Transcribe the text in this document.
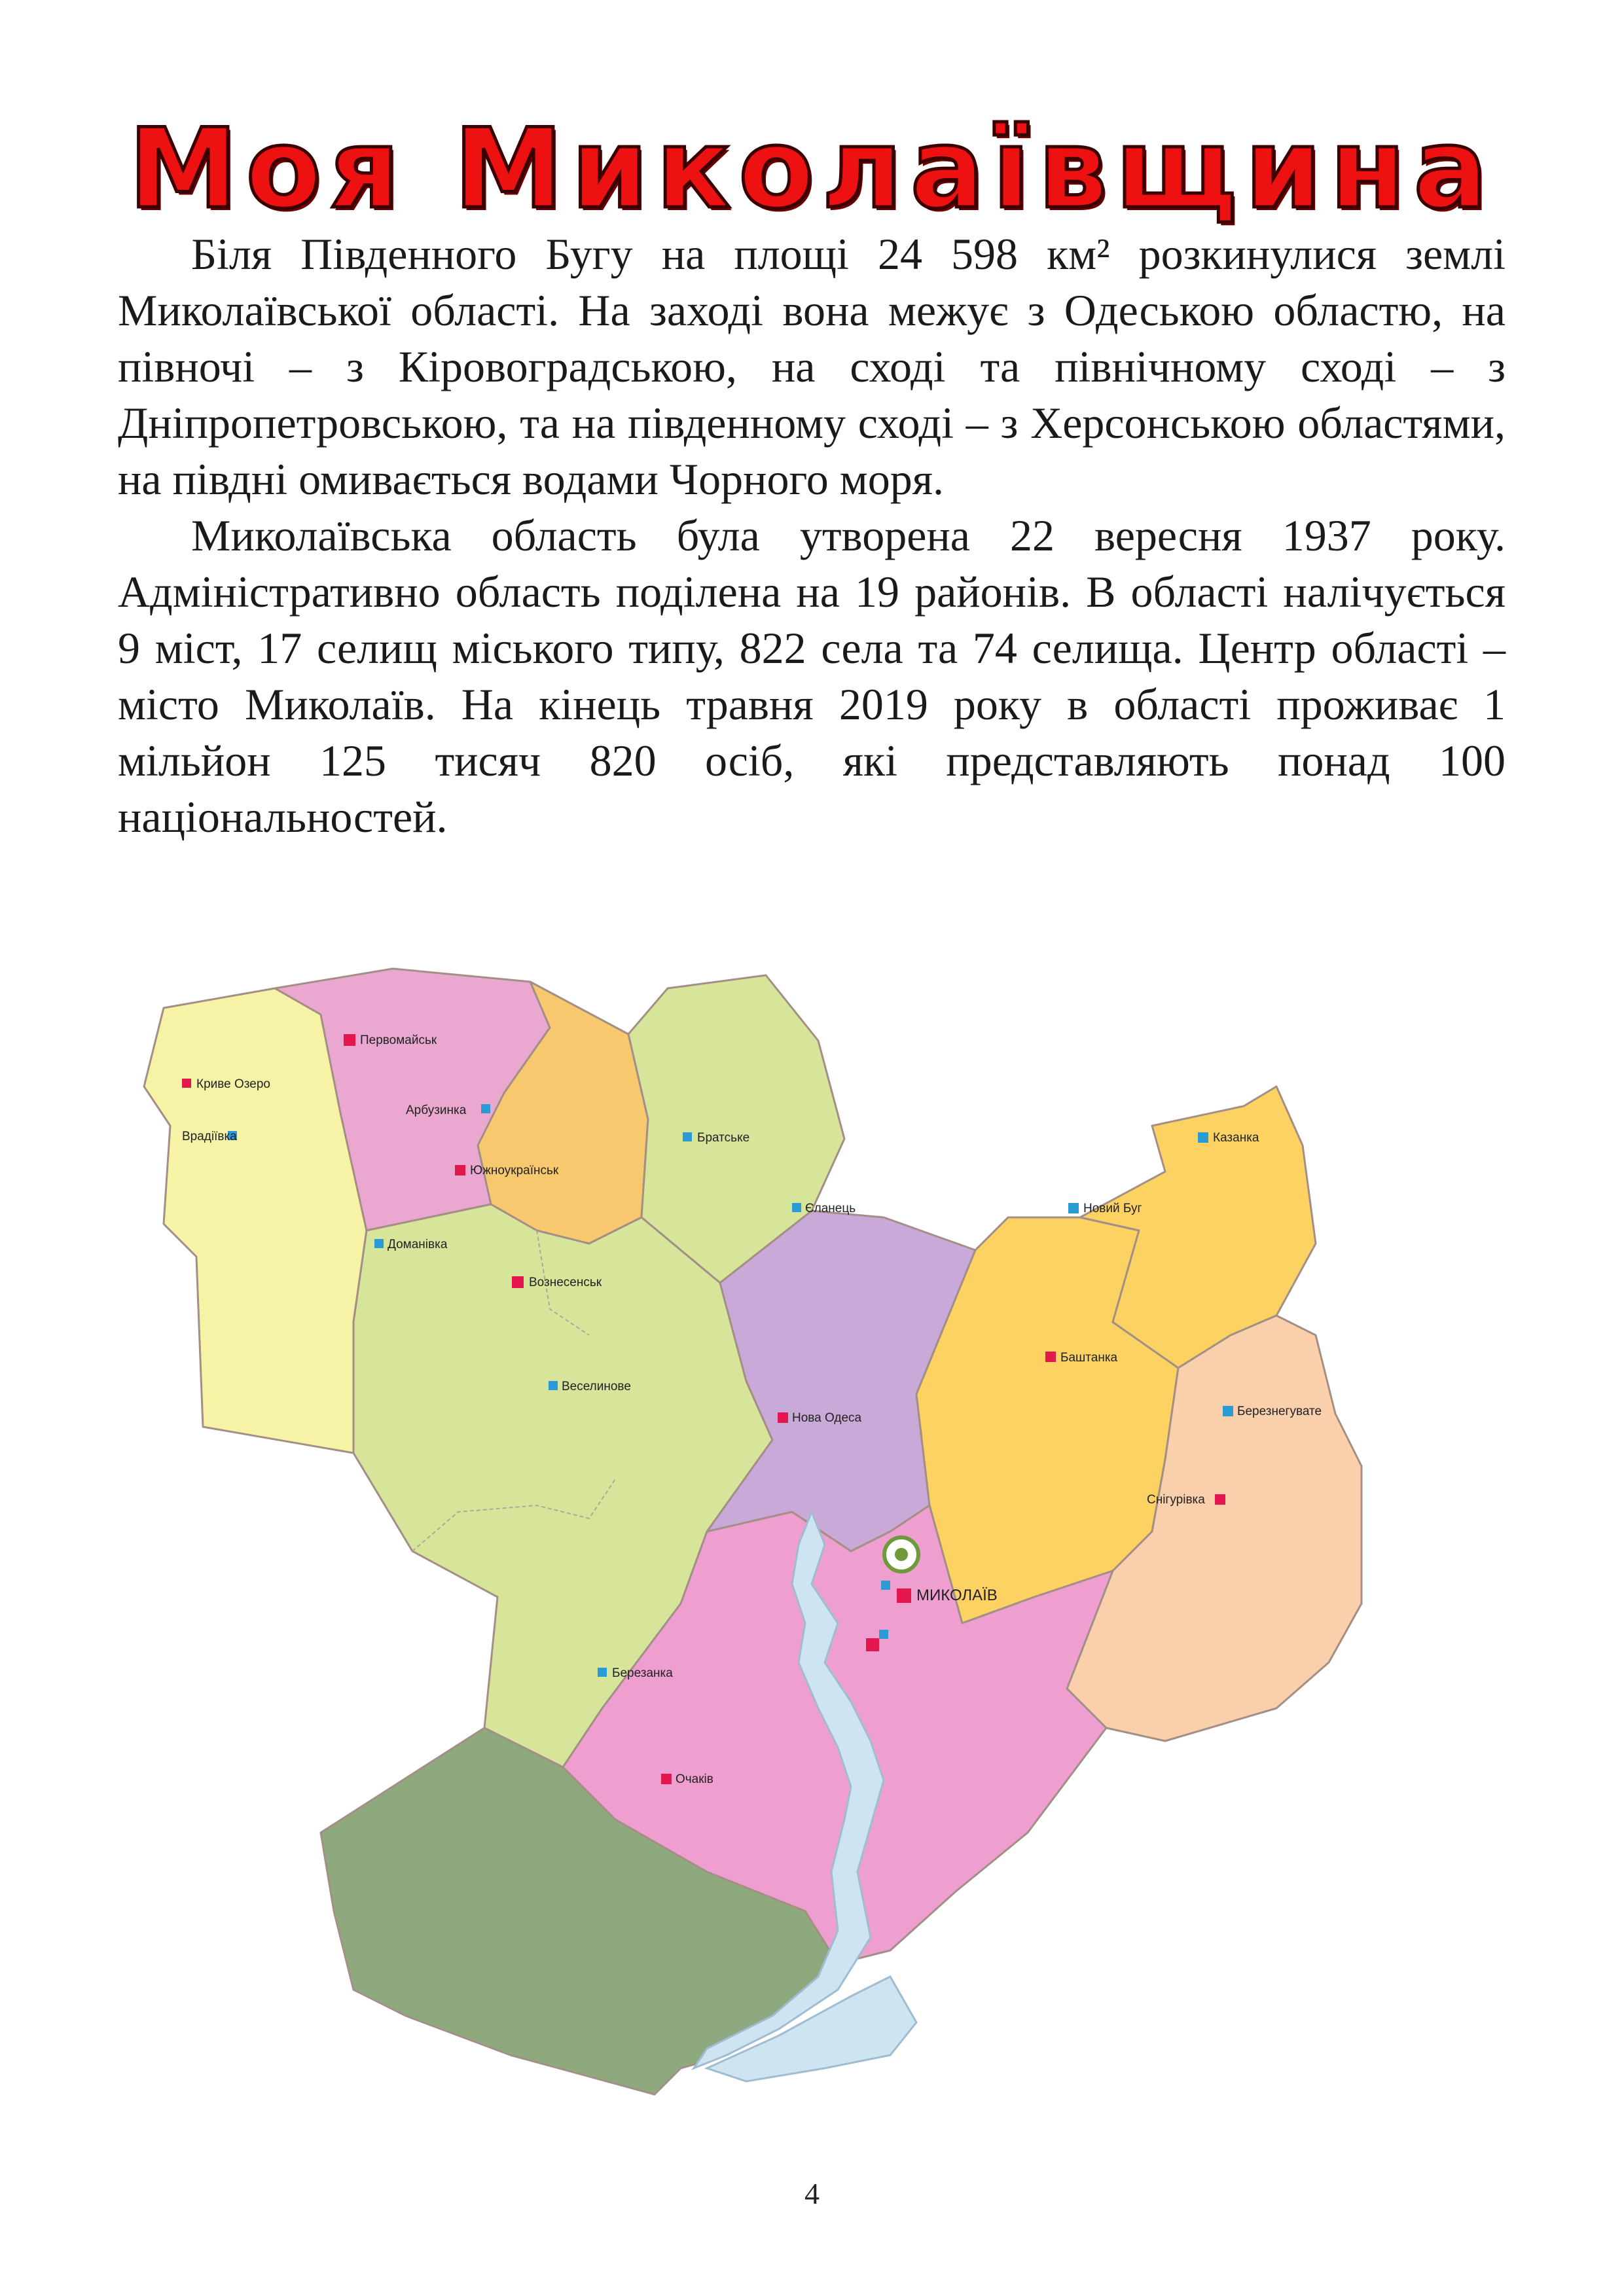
Моя Миколаївщина

Біля Південного Бугу на площі 24 598 км² розкинулися землі Миколаївської області. На заході вона межує з Одеською областю, на півночі – з Кіровоградською, на сході та північному сході – з Дніпропетровською, та на південному сході – з Херсонською областями, на півдні омивається водами Чорного моря.

Миколаївська область була утворена 22 вересня 1937 року. Адміністративно область поділена на 19 районів. В області налічується 9 міст, 17 селищ міського типу, 822 села та 74 селища. Центр області – місто Миколаїв. На кінець травня 2019 року в області проживає 1 мільйон 125 тисяч 820 осіб, які представляють понад 100 національностей.

Криве Озеро
Врадіївка
Первомайськ
Арбузинка
Братське
Южноукраїнськ
Доманівка
Вознесенськ
Єланець	Новий Буг
Казанка
Веселинове
Нова Одеса
Баштанка
Березнегувате
Снігурівка
МИКОЛАЇВ
Березанка
Очаків
4
